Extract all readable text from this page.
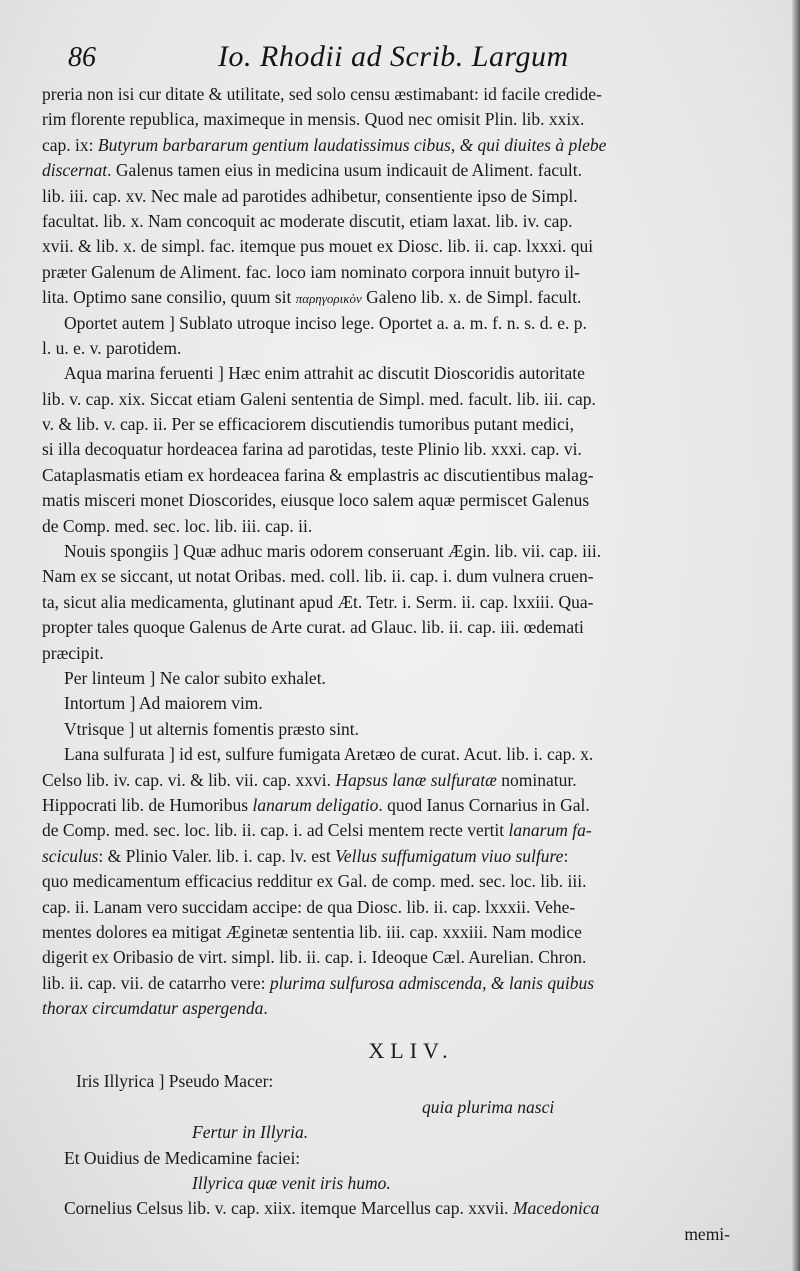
86	Io. Rhodii ad Scrib. Largum
preria non isi cur ditate & utilitate, sed solo censu æstimabant: id facile credide-
rim florente republica, maximeque in mensis. Quod nec omisit Plin. lib. xxix.
cap. ix: Butyrum barbararum gentium laudatissimus cibus, & qui diuites à plebe
discernat. Galenus tamen eius in medicina usum indicauit de Aliment. facult.
lib. iii. cap. xv. Nec male ad parotides adhibetur, consentiente ipso de Simpl.
facultat. lib. x. Nam concoquit ac moderate discutit, etiam laxat. lib. iv. cap.
xvii. & lib. x. de simpl. fac. itemque pus mouet ex Diosc. lib. ii. cap. lxxxi. qui
præter Galenum de Aliment. fac. loco iam nominato corpora innuit butyro il-
lita. Optimo sane consilio, quum sit παρηγορικὸν Galeno lib. x. de Simpl. facult.
Oportet autem ] Sublato utroque inciso lege. Oportet a. a. m. f. n. s. d. e. p.
l. u. e. v. parotidem.
Aqua marina feruenti ] Hæc enim attrahit ac discutit Dioscoridis autoritate
lib. v. cap. xix. Siccat etiam Galeni sententia de Simpl. med. facult. lib. iii. cap.
v. & lib. v. cap. ii. Per se efficaciorem discutiendis tumoribus putant medici,
si illa decoquatur hordeacea farina ad parotidas, teste Plinio lib. xxxi. cap. vi.
Cataplasmatis etiam ex hordeacea farina & emplastris ac discutientibus malag-
matis misceri monet Dioscorides, eiusque loco salem aquæ permiscet Galenus
de Comp. med. sec. loc. lib. iii. cap. ii.
Nouis spongiis ] Quæ adhuc maris odorem conseruant Ægin. lib. vii. cap. iii.
Nam ex se siccant, ut notat Oribas. med. coll. lib. ii. cap. i. dum vulnera cruen-
ta, sicut alia medicamenta, glutinant apud Æt. Tetr. i. Serm. ii. cap. lxxiii. Qua-
propter tales quoque Galenus de Arte curat. ad Glauc. lib. ii. cap. iii. œdemati
præcipit.
Per linteum ] Ne calor subito exhalet.
Intortum ] Ad maiorem vim.
Vtrisque ] ut alternis fomentis præsto sint.
Lana sulfurata ] id est, sulfure fumigata Aretæo de curat. Acut. lib. i. cap. x.
Celso lib. iv. cap. vi. & lib. vii. cap. xxvi. Hapsus lanæ sulfuratæ nominatur.
Hippocrati lib. de Humoribus lanarum deligatio. quod Ianus Cornarius in Gal.
de Comp. med. sec. loc. lib. ii. cap. i. ad Celsi mentem recte vertit lanarum fa-
sciculus: & Plinio Valer. lib. i. cap. lv. est Vellus suffumigatum viuo sulfure:
quo medicamentum efficacius redditur ex Gal. de comp. med. sec. loc. lib. iii.
cap. ii. Lanam vero succidam accipe: de qua Diosc. lib. ii. cap. lxxxii. Vehe-
mentes dolores ea mitigat Æginetæ sententia lib. iii. cap. xxxiii. Nam modice
digerit ex Oribasio de virt. simpl. lib. ii. cap. i. Ideoque Cæl. Aurelian. Chron.
lib. ii. cap. vii. de catarrho vere: plurima sulfurosa admiscenda, & lanis quibus
thorax circumdatur aspergenda.
XLIV.
Iris Illyrica ] Pseudo Macer:
quia plurima nasci
Fertur in Illyria.
Et Ouidius de Medicamine faciei:
Illyrica quæ venit iris humo.
Cornelius Celsus lib. v. cap. xiix. itemque Marcellus cap. xxvii. Macedonica
memi-
